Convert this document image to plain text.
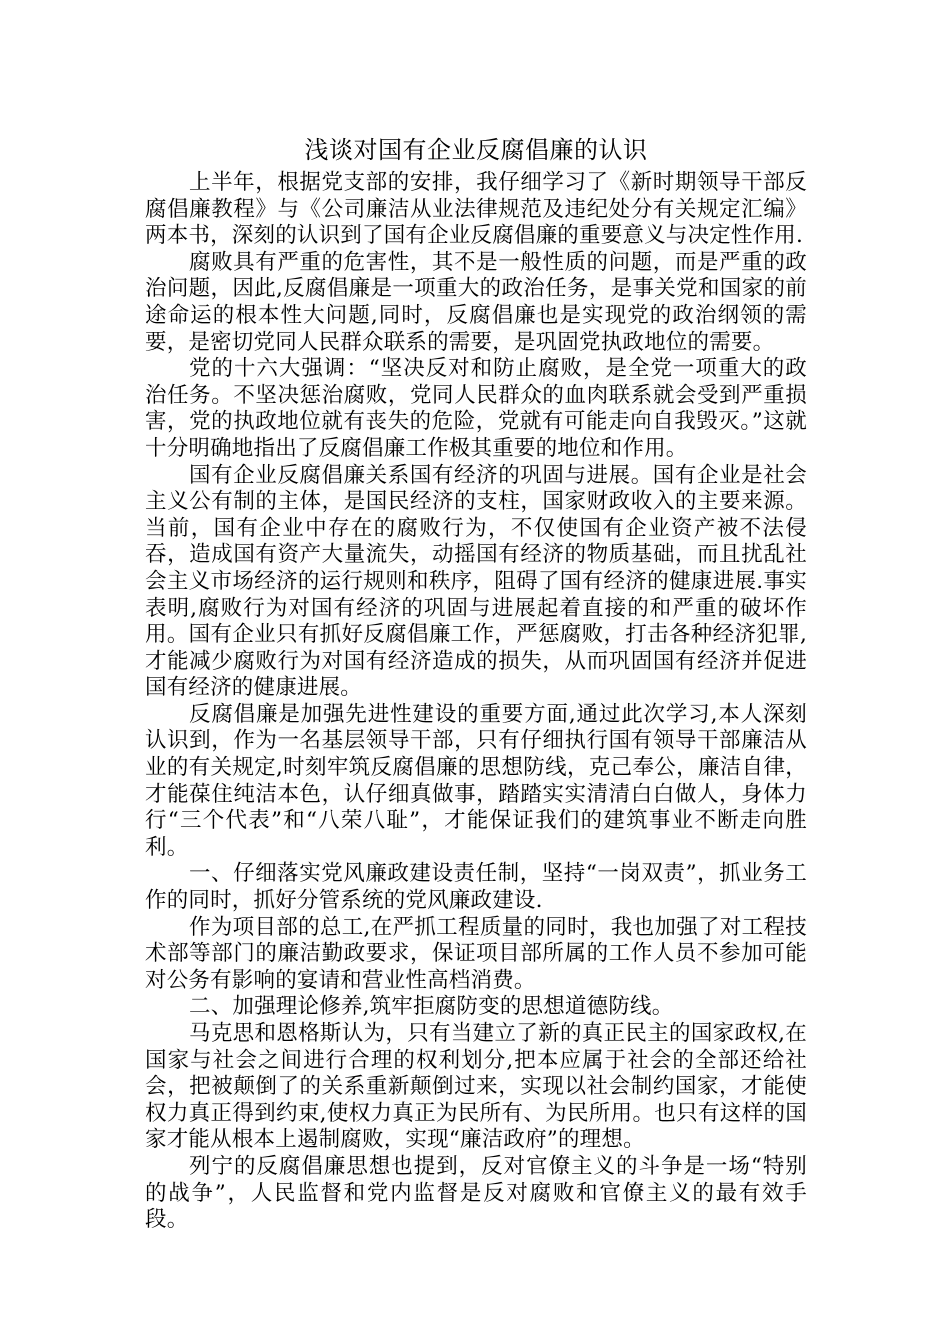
浅谈对国有企业反腐倡廉的认识

上半年，根据党支部的安排，我仔细学习了《新时期领导干部反腐倡廉教程》与《公司廉洁从业法律规范及违纪处分有关规定汇编》两本书，深刻的认识到了国有企业反腐倡廉的重要意义与决定性作用.

腐败具有严重的危害性，其不是一般性质的问题，而是严重的政治问题，因此,反腐倡廉是一项重大的政治任务，是事关党和国家的前途命运的根本性大问题,同时，反腐倡廉也是实现党的政治纲领的需要，是密切党同人民群众联系的需要，是巩固党执政地位的需要。

党的十六大强调：“坚决反对和防止腐败，是全党一项重大的政治任务。不坚决惩治腐败，党同人民群众的血肉联系就会受到严重损害，党的执政地位就有丧失的危险，党就有可能走向自我毁灭。”这就十分明确地指出了反腐倡廉工作极其重要的地位和作用。

国有企业反腐倡廉关系国有经济的巩固与进展。国有企业是社会主义公有制的主体，是国民经济的支柱，国家财政收入的主要来源。当前，国有企业中存在的腐败行为，不仅使国有企业资产被不法侵吞，造成国有资产大量流失，动摇国有经济的物质基础，而且扰乱社会主义市场经济的运行规则和秩序，阻碍了国有经济的健康进展.事实表明,腐败行为对国有经济的巩固与进展起着直接的和严重的破坏作用。国有企业只有抓好反腐倡廉工作，严惩腐败，打击各种经济犯罪,才能减少腐败行为对国有经济造成的损失，从而巩固国有经济并促进国有经济的健康进展。

反腐倡廉是加强先进性建设的重要方面,通过此次学习,本人深刻认识到，作为一名基层领导干部，只有仔细执行国有领导干部廉洁从业的有关规定,时刻牢筑反腐倡廉的思想防线，克己奉公，廉洁自律，才能葆住纯洁本色，认仔细真做事，踏踏实实清清白白做人，身体力行“三个代表”和“八荣八耻”，才能保证我们的建筑事业不断走向胜利。

一、仔细落实党风廉政建设责任制，坚持“一岗双责”，抓业务工作的同时，抓好分管系统的党风廉政建设.

作为项目部的总工,在严抓工程质量的同时，我也加强了对工程技术部等部门的廉洁勤政要求，保证项目部所属的工作人员不参加可能对公务有影响的宴请和营业性高档消费。

二、加强理论修养,筑牢拒腐防变的思想道德防线。

马克思和恩格斯认为，只有当建立了新的真正民主的国家政权,在国家与社会之间进行合理的权利划分,把本应属于社会的全部还给社会，把被颠倒了的关系重新颠倒过来，实现以社会制约国家，才能使权力真正得到约束,使权力真正为民所有、为民所用。也只有这样的国家才能从根本上遏制腐败，实现“廉洁政府”的理想。

列宁的反腐倡廉思想也提到，反对官僚主义的斗争是一场“特别的战争”，人民监督和党内监督是反对腐败和官僚主义的最有效手段。
